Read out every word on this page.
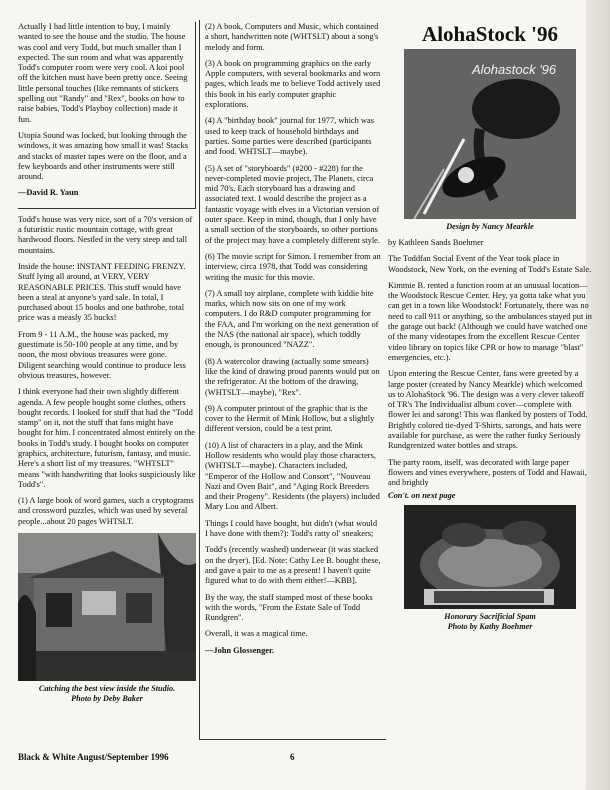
Actually I had little intention to buy, I mainly wanted to see the house and the studio. The house was cool and very Todd, but much smaller than I expected. The sun room and what was apparently Todd's computer room were very cool. A koi pool off the kitchen must have been pretty once. Seeing little personal touches (like remnants of stickers spelling out "Randy" and "Rex", books on how to raise babies, Todd's Playboy collection) made it fun.

Utopia Sound was locked, but looking through the windows, it was amazing how small it was! Stacks and stacks of master tapes were on the floor, and a few keyboards and other instruments were still around.

—David R. Yaun

Todd's house was very nice, sort of a 70's version of a futuristic rustic mountain cottage, with great hardwood floors. Nestled in the very steep and tall mountains.

Inside the house: INSTANT FEEDING FRENZY. Stuff lying all around, at VERY, VERY REASONABLE PRICES. This stuff would have been a steal at anyone's yard sale. In total, I purchased about 15 books and one bathrobe, total price was a measly 35 bucks!

From 9 - 11 A.M., the house was packed, my guestimate is 50-100 people at any time, and by noon, the most obvious treasures were gone. Diligent searching would continue to produce less obvious treasures, however.

I think everyone had their own slightly different agenda. A few people bought some clothes, others bought records. I looked for stuff that had the "Todd stamp" on it, not the stuff that fans might have bought for him. I concentrated almost entirely on the books in Todd's study. I bought books on computer graphics, architecture, futurism, fantasy, and music. Here's a short list of my treasures. "WHTSLT" means "with handwriting that looks suspiciously like Todd's".

(1) A large book of word games, such a cryptograms and crossword puzzles, which was used by several people...about 20 pages WHTSLT.

Catching the best view inside the Studio.
Photo by Deby Baker

(2) A book, Computers and Music, which contained a short, handwritten note (WHTSLT) about a song's melody and form.

(3) A book on programming graphics on the early Apple computers, with several bookmarks and worn pages, which leads me to believe Todd actively used this book in his early computer graphic explorations.

(4) A "birthday book" journal for 1977, which was used to keep track of household birthdays and parties. Some parties were described (participants and food. WHTSLT—maybe).

(5) A set of "storyboards" (#200 - #228) for the never-completed movie project, The Planets, circa mid 70's. Each storyboard has a drawing and associated text. I would describe the project as a fantastic voyage with elves in a Victorian version of outer space. Keep in mind, though, that I only have a small section of the storyboards, so other portions of the project may have a completely different style.

(6) The movie script for Simon. I remember from an interview, circa 1978, that Todd was considering writing the music for this movie.

(7) A small toy airplane, complete with kiddie bite marks, which now sits on one of my work computers. I do R&D computer programming for the FAA, and I'm working on the next generation of the NAS (the national air space), which toddly enough, is pronounced "NAZZ".

(8) A watercolor drawing (actually some smears) like the kind of drawing proud parents would put on the refrigerator. At the bottom of the drawing, (WHTSLT—maybe), "Rex".

(9) A computer printout of the graphic that is the cover to the Hermit of Mink Hollow, but a slightly different version, could be a test print.

(10) A list of characters in a play, and the Mink Hollow residents who would play those characters, (WHTSLT—maybe). Characters included, "Emperor of the Hollow and Consort", "Nouveau Nazi and Oven Bait", and "Aging Rock Breeders and their Progeny". Residents (the players) included Mary Lou and Albert.

Things I could have bought, but didn't (what would I have done with them?): Todd's ratty ol' sneakers;

Todd's (recently washed) underwear (it was stacked on the dryer). [Ed. Note: Cathy Lee B. bought these, and gave a pair to me as a present! I haven't quite figured what to do with them either!—KBB].

By the way, the staff stamped most of these books with the words, "From the Estate Sale of Todd Rundgren".

Overall, it was a magical time.

—John Glossenger.
AlohaStock '96
Alohastock '96
Design by Nancy Mearkle

by Kathleen Sands Boehmer

The Toddfan Social Event of the Year took place in Woodstock, New York, on the evening of Todd's Estate Sale.

Kimmie B. rented a function room at an unusual location—the Woodstock Rescue Center. Hey, ya gotta take what you can get in a town like Woodstock! Fortunately, there was no need to call 911 or anything, so the ambulances stayed put in the garage out back! (Although we could have watched one of the many videotapes from the excellent Rescue Center video library on topics like CPR or how to manage "blast" emergencies, etc.).

Upon entering the Rescue Center, fans were greeted by a large poster (created by Nancy Mearkle) which welcomed us to AlohaStock '96. The design was a very clever takeoff of TR's The Individualist album cover—complete with flower lei and sarong! This was flanked by posters of Todd. Brightly colored tie-dyed T-Shirts, sarongs, and hats were available for purchase, as were the rather funky Seriously Rundgrenized water bottles and straps.

The party room, itself, was decorated with large paper flowers and vines everywhere, posters of Todd and Hawaii, and brightly

Con't. on next page
Honorary Sacrificial Spam
Photo by Kathy Boehmer
Black & White August/September 1996	6
